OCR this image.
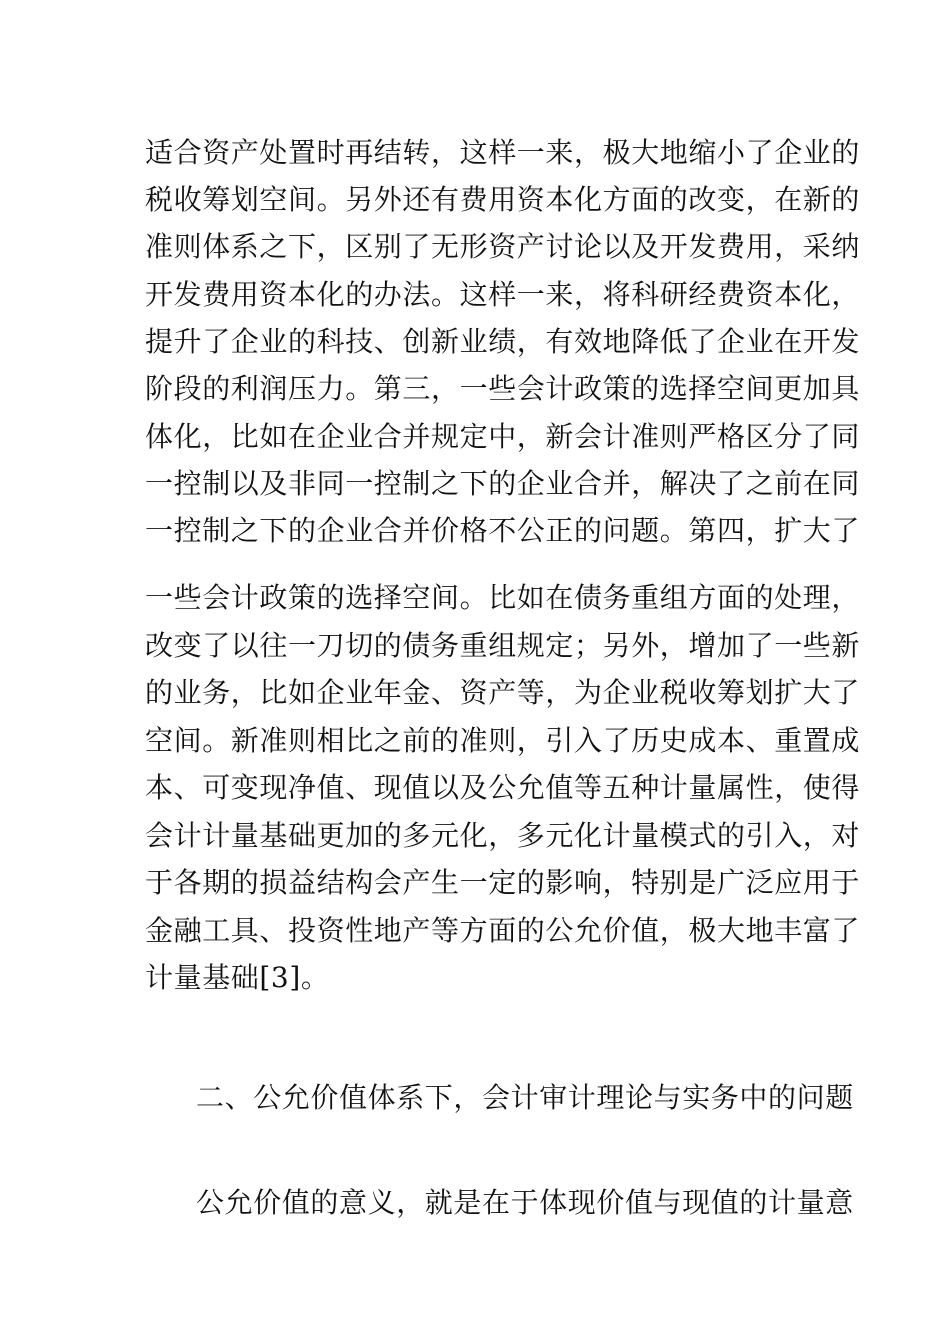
适合资产处置时再结转，这样一来，极大地缩小了企业的
税收筹划空间。另外还有费用资本化方面的改变，在新的
准则体系之下，区别了无形资产讨论以及开发费用，采纳
开发费用资本化的办法。这样一来，将科研经费资本化，
提升了企业的科技、创新业绩，有效地降低了企业在开发
阶段的利润压力。第三，一些会计政策的选择空间更加具
体化，比如在企业合并规定中，新会计准则严格区分了同
一控制以及非同一控制之下的企业合并，解决了之前在同
一控制之下的企业合并价格不公正的问题。第四，扩大了
一些会计政策的选择空间。比如在债务重组方面的处理，
改变了以往一刀切的债务重组规定；另外，增加了一些新
的业务，比如企业年金、资产等，为企业税收筹划扩大了
空间。新准则相比之前的准则，引入了历史成本、重置成
本、可变现净值、现值以及公允值等五种计量属性，使得
会计计量基础更加的多元化，多元化计量模式的引入，对
于各期的损益结构会产生一定的影响，特别是广泛应用于
金融工具、投资性地产等方面的公允价值，极大地丰富了
计量基础[3]。
二、公允价值体系下，会计审计理论与实务中的问题
公允价值的意义，就是在于体现价值与现值的计量意
